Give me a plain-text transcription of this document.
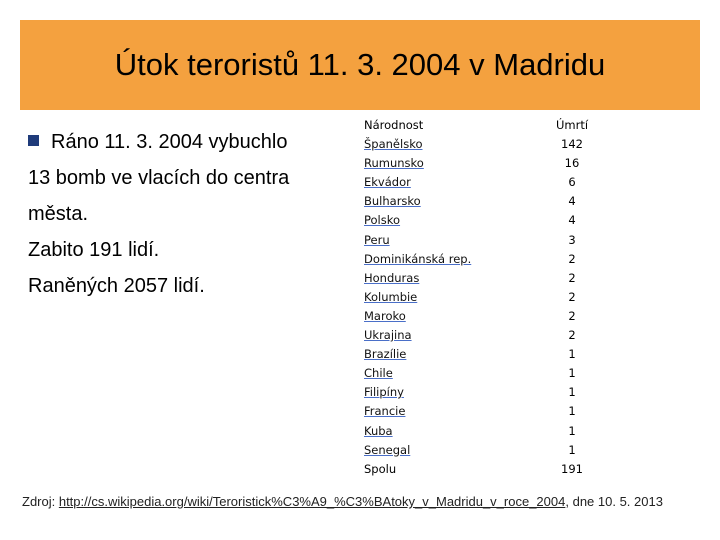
Útok teroristů 11. 3. 2004 v Madridu

Ráno 11. 3. 2004 vybuchlo

13 bomb ve vlacích do centra

města.

Zabito 191 lidí.

Raněných 2057 lidí.

Národnost	Úmrtí
Španělsko	142
Rumunsko	16
Ekvádor	6
Bulharsko	4
Polsko	4
Peru	3
Dominikánská rep.	2
Honduras	2
Kolumbie	2
Maroko	2
Ukrajina	2
Brazílie	1
Chile	1
Filipíny	1
Francie	1
Kuba	1
Senegal	1
Spolu	191
Zdroj: http://cs.wikipedia.org/wiki/Teroristick%C3%A9_%C3%BAtoky_v_Madridu_v_roce_2004, dne 10. 5. 2013
